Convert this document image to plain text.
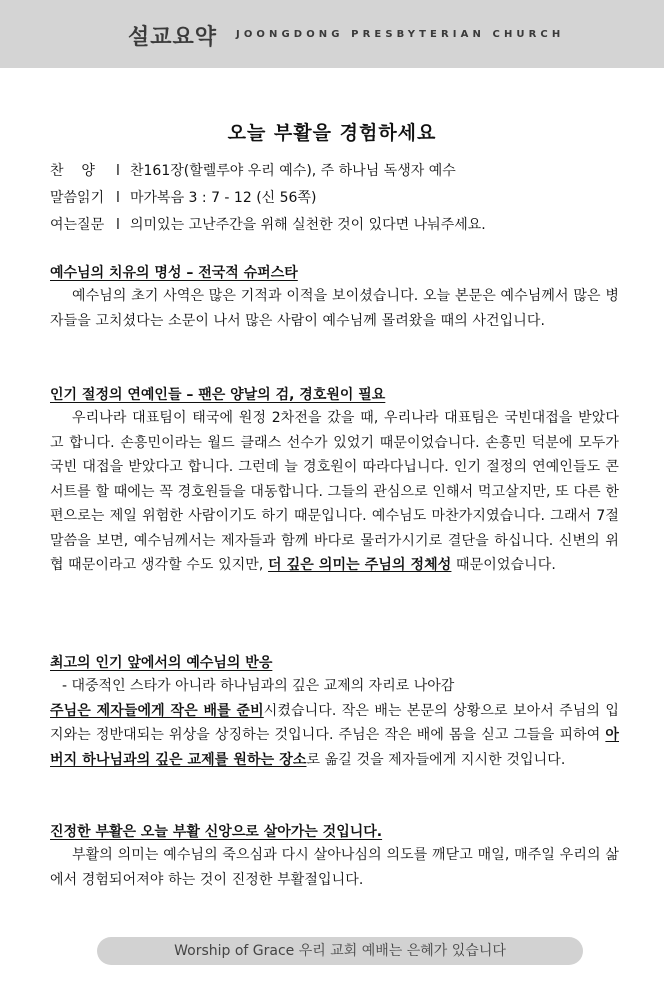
설교요약 JOONGDONG PRESBYTERIAN CHURCH
오늘 부활을 경험하세요
찬    양 l 찬161장(할렐루야 우리 예수), 주 하나님 독생자 예수
말씀읽기 l 마가복음 3 : 7 - 12 (신 56쪽)
여는질문 l 의미있는 고난주간을 위해 실천한 것이 있다면 나눠주세요.
예수님의 치유의 명성 – 전국적 슈퍼스타

예수님의 초기 사역은 많은 기적과 이적을 보이셨습니다. 오늘 본문은 예수님께서 많은 병자들을 고치셨다는 소문이 나서 많은 사람이 예수님께 몰려왔을 때의 사건입니다.

인기 절정의 연예인들 – 팬은 양날의 검, 경호원이 필요

우리나라 대표팀이 태국에 원정 2차전을 갔을 때, 우리나라 대표팀은 국빈대접을 받았다고 합니다. 손흥민이라는 월드 클래스 선수가 있었기 때문이었습니다. 손흥민 덕분에 모두가 국빈 대접을 받았다고 합니다. 그런데 늘 경호원이 따라다닙니다. 인기 절정의 연예인들도 콘서트를 할 때에는 꼭 경호원들을 대동합니다. 그들의 관심으로 인해서 먹고살지만, 또 다른 한편으로는 제일 위험한 사람이기도 하기 때문입니다. 예수님도 마찬가지였습니다. 그래서 7절 말씀을 보면, 예수님께서는 제자들과 함께 바다로 물러가시기로 결단을 하십니다. 신변의 위협 때문이라고 생각할 수도 있지만, 더 깊은 의미는 주님의 정체성 때문이었습니다.

최고의 인기 앞에서의 예수님의 반응
- 대중적인 스타가 아니라 하나님과의 깊은 교제의 자리로 나아감

주님은 제자들에게 작은 배를 준비시켰습니다. 작은 배는 본문의 상황으로 보아서 주님의 입지와는 정반대되는 위상을 상징하는 것입니다. 주님은 작은 배에 몸을 싣고 그들을 피하여 아버지 하나님과의 깊은 교제를 원하는 장소로 옮길 것을 제자들에게 지시한 것입니다.

진정한 부활은 오늘 부활 신앙으로 살아가는 것입니다.

부활의 의미는 예수님의 죽으심과 다시 살아나심의 의도를 깨닫고 매일, 매주일 우리의 삶에서 경험되어져야 하는 것이 진정한 부활절입니다.

Worship of Grace 우리 교회 예배는 은혜가 있습니다
